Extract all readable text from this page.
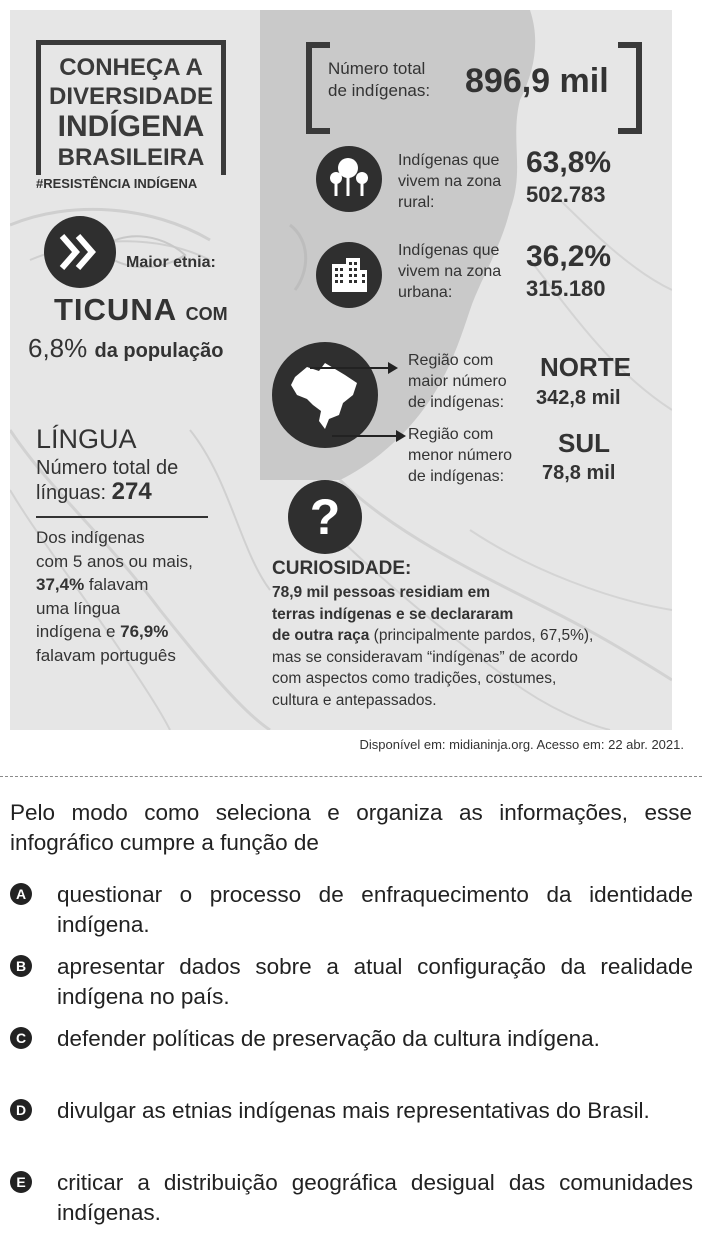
CONHEÇA A
DIVERSIDADE
INDÍGENA
BRASILEIRA
#RESISTÊNCIA INDÍGENA
Maior etnia:
TICUNA COM
6,8% da população
LÍNGUA
Número total de
línguas: 274
Dos indígenas
com 5 anos ou mais,
37,4% falavam
uma língua
indígena e 76,9%
falavam português
Número total
de indígenas: 896,9 mil
Indígenas que
vivem na zona
rural:
63,8%
502.783
Indígenas que
vivem na zona
urbana:
36,2%
315.180
Região com
maior número
de indígenas:
NORTE
342,8 mil
Região com
menor número
de indígenas:
SUL
78,8 mil
?
CURIOSIDADE:
78,9 mil pessoas residiam em
terras indígenas e se declararam
de outra raça (principalmente pardos, 67,5%),
mas se consideravam “indígenas” de acordo
com aspectos como tradições, costumes,
cultura e antepassados.
Disponível em: midianinja.org. Acesso em: 22 abr. 2021.
Pelo modo como seleciona e organiza as informações, esse infográfico cumpre a função de
A questionar o processo de enfraquecimento da identidade indígena.
B apresentar dados sobre a atual configuração da realidade indígena no país.
C defender políticas de preservação da cultura indígena.
D divulgar as etnias indígenas mais representativas do Brasil.
E criticar a distribuição geográfica desigual das comunidades indígenas.
